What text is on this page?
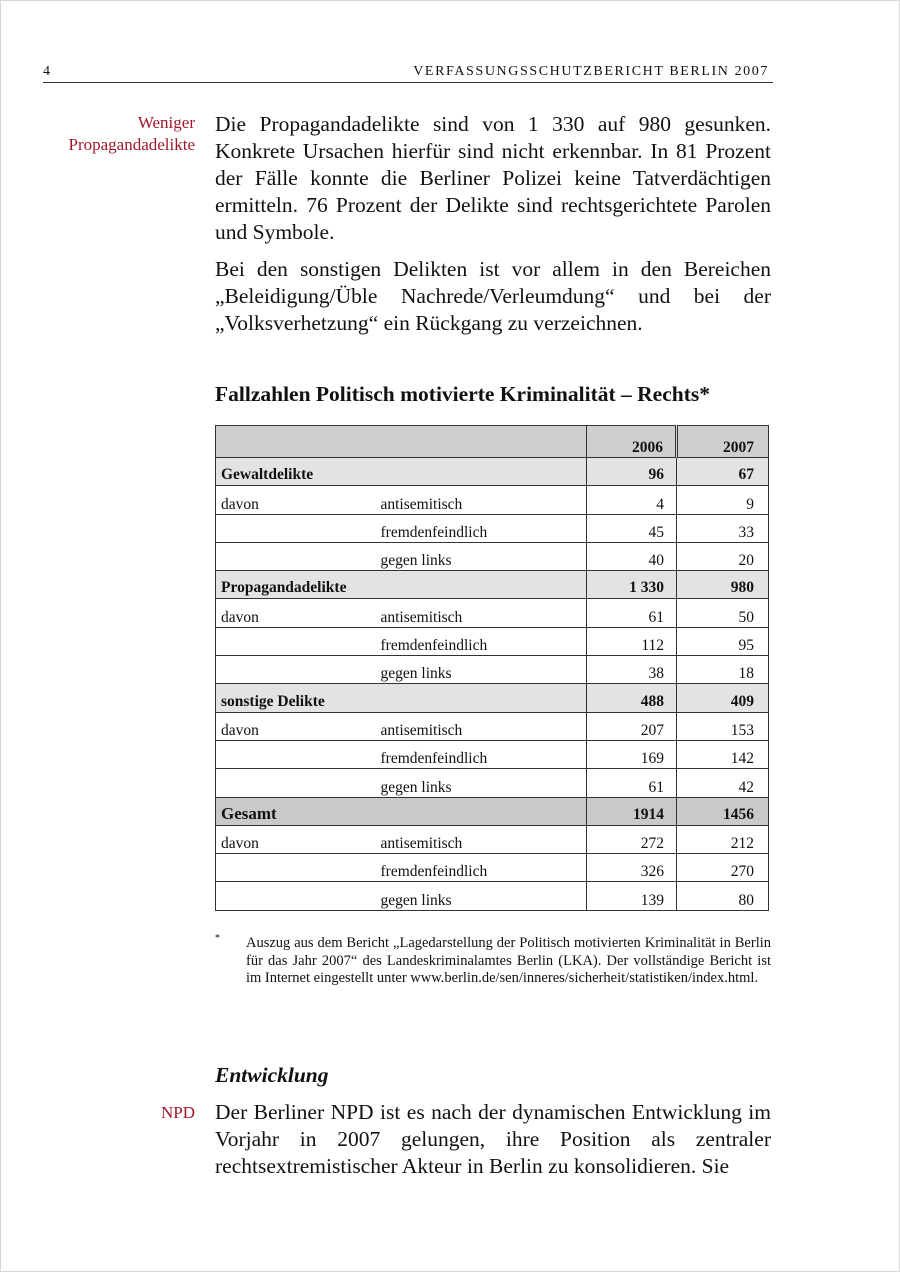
4	VERFASSUNGSSCHUTZBERICHT BERLIN 2007
Weniger
Propagandadelikte

Die Propagandadelikte sind von 1 330 auf 980 gesunken. Konkrete Ursachen hierfür sind nicht erkennbar. In 81 Prozent der Fälle konnte die Berliner Polizei keine Tatverdächtigen ermitteln. 76 Prozent der Delikte sind rechtsgerichtete Parolen und Symbole.

Bei den sonstigen Delikten ist vor allem in den Bereichen „Beleidigung/Üble Nachrede/Verleumdung“ und bei der „Volksverhetzung“ ein Rückgang zu verzeichnen.

Fallzahlen Politisch motivierte Kriminalität – Rechts*
		2006	2007
Gewaltdelikte		96	67
davon	antisemitisch	4	9
	fremdenfeindlich	45	33
	gegen links	40	20
Propagandadelikte		1 330	980
davon	antisemitisch	61	50
	fremdenfeindlich	112	95
	gegen links	38	18
sonstige Delikte		488	409
davon	antisemitisch	207	153
	fremdenfeindlich	169	142
	gegen links	61	42
Gesamt		1914	1456
davon	antisemitisch	272	212
	fremdenfeindlich	326	270
	gegen links	139	80
* Auszug aus dem Bericht „Lagedarstellung der Politisch motivierten Kriminalität in Berlin für das Jahr 2007“ des Landeskriminalamtes Berlin (LKA). Der vollständige Bericht ist im Internet eingestellt unter www.berlin.de/sen/inneres/sicherheit/statistiken/index.html.

Entwicklung
NPD Der Berliner NPD ist es nach der dynamischen Entwicklung im Vorjahr in 2007 gelungen, ihre Position als zentraler rechtsextremistischer Akteur in Berlin zu konsolidieren. Sie
